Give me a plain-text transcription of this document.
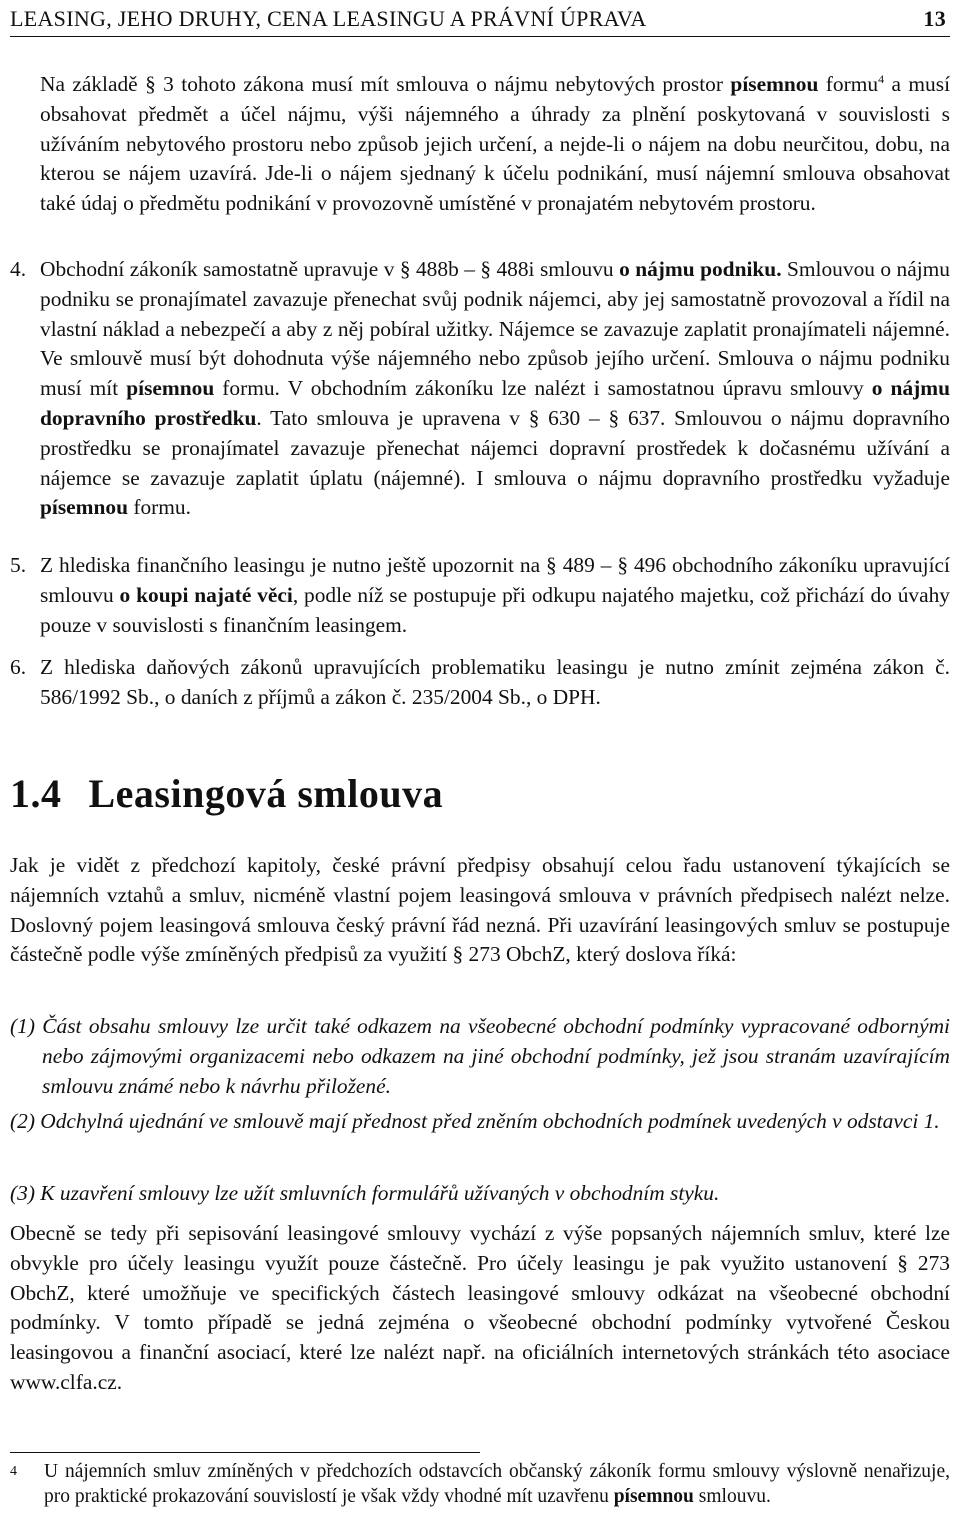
LEASING, JEHO DRUHY, CENA LEASINGU A PRÁVNÍ ÚPRAVA	13
Na základě § 3 tohoto zákona musí mít smlouva o nájmu nebytových prostor písemnou formu$^4$ a musí obsahovat předmět a účel nájmu, výši nájemného a úhrady za plnění poskytovaná v souvislosti s užíváním nebytového prostoru nebo způsob jejich určení, a nejde-li o nájem na dobu neurčitou, dobu, na kterou se nájem uzavírá. Jde-li o nájem sjednaný k účelu podnikání, musí nájemní smlouva obsahovat také údaj o předmětu podnikání v provozovně umístěné v pronajatém nebytovém prostoru.
4. Obchodní zákoník samostatně upravuje v § 488b – § 488i smlouvu o nájmu podniku. Smlouvou o nájmu podniku se pronajímatel zavazuje přenechat svůj podnik nájemci, aby jej samostatně provozoval a řídil na vlastní náklad a nebezpečí a aby z něj pobíral užitky. Nájemce se zavazuje zaplatit pronajímateli nájemné. Ve smlouvě musí být dohodnuta výše nájemného nebo způsob jejího určení. Smlouva o nájmu podniku musí mít písemnou formu. V obchodním zákoníku lze nalézt i samostatnou úpravu smlouvy o nájmu dopravního prostředku. Tato smlouva je upravena v § 630 – § 637. Smlouvou o nájmu dopravního prostředku se pronajímatel zavazuje přenechat nájemci dopravní prostředek k dočasnému užívání a nájemce se zavazuje zaplatit úplatu (nájemné). I smlouva o nájmu dopravního prostředku vyžaduje písemnou formu.
5. Z hlediska finančního leasingu je nutno ještě upozornit na § 489 – § 496 obchodního zákoníku upravující smlouvu o koupi najaté věci, podle níž se postupuje při odkupu najatého majetku, což přichází do úvahy pouze v souvislosti s finančním leasingem.
6. Z hlediska daňových zákonů upravujících problematiku leasingu je nutno zmínit zejména zákon č. 586/1992 Sb., o daních z příjmů a zákon č. 235/2004 Sb., o DPH.
1.4 Leasingová smlouva
Jak je vidět z předchozí kapitoly, české právní předpisy obsahují celou řadu ustanovení týkajících se nájemních vztahů a smluv, nicméně vlastní pojem leasingová smlouva v právních předpisech nalézt nelze. Doslovný pojem leasingová smlouva český právní řád nezná. Při uzavírání leasingových smluv se postupuje částečně podle výše zmíněných předpisů za využití § 273 ObchZ, který doslova říká:
(1) Část obsahu smlouvy lze určit také odkazem na všeobecné obchodní podmínky vypracované odbornými nebo zájmovými organizacemi nebo odkazem na jiné obchodní podmínky, jež jsou stranám uzavírajícím smlouvu známé nebo k návrhu přiložené.
(2) Odchylná ujednání ve smlouvě mají přednost před zněním obchodních podmínek uvedených v odstavci 1.
(3) K uzavření smlouvy lze užít smluvních formulářů užívaných v obchodním styku.
Obecně se tedy při sepisování leasingové smlouvy vychází z výše popsaných nájemních smluv, které lze obvykle pro účely leasingu využít pouze částečně. Pro účely leasingu je pak využito ustanovení § 273 ObchZ, které umožňuje ve specifických částech leasingové smlouvy odkázat na všeobecné obchodní podmínky. V tomto případě se jedná zejména o všeobecné obchodní podmínky vytvořené Českou leasingovou a finanční asociací, které lze nalézt např. na oficiálních internetových stránkách této asociace www.clfa.cz.
4 U nájemních smluv zmíněných v předchozích odstavcích občanský zákoník formu smlouvy výslovně nenařizuje, pro praktické prokazování souvislostí je však vždy vhodné mít uzavřenu písemnou smlouvu.
